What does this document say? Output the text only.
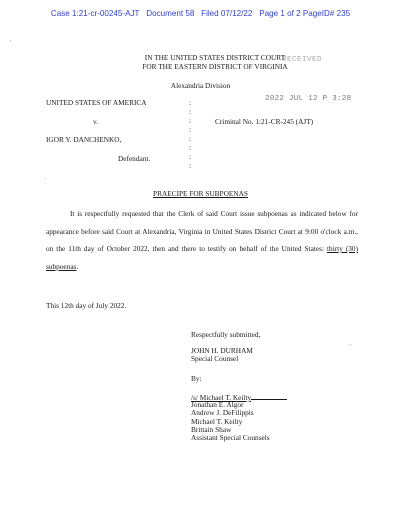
Case 1:21-cr-00245-AJT Document 58 Filed 07/12/22 Page 1 of 2 PageID# 235
RECEIVED
2022 JUL 12 P 3:28
IN THE UNITED STATES DISTRICT COURT
FOR THE EASTERN DISTRICT OF VIRGINIA
Alexandria Division
UNITED STATES OF AMERICA
v.
IGOR Y. DANCHENKO,
Defendant.
Criminal No. 1:21-CR-245 (AJT)
:
:
:
:
:
:
:
:
PRAECIPE FOR SUBPOENAS
It is respectfully requested that the Clerk of said Court issue subpoenas as indicated below for appearance before said Court at Alexandria, Virginia in United States District Court at 9:00 o'clock a.m., on the 11th day of October 2022, then and there to testify on behalf of the United States: thirty (30) subpoenas.
This 12th day of July 2022.
Respectfully submitted,
JOHN H. DURHAM
Special Counsel
By:
/s/ Michael T. Keilty
Jonathan E. Algor
Andrew J. DeFilippis
Michael T. Keilty
Brittain Shaw
Assistant Special Counsels
